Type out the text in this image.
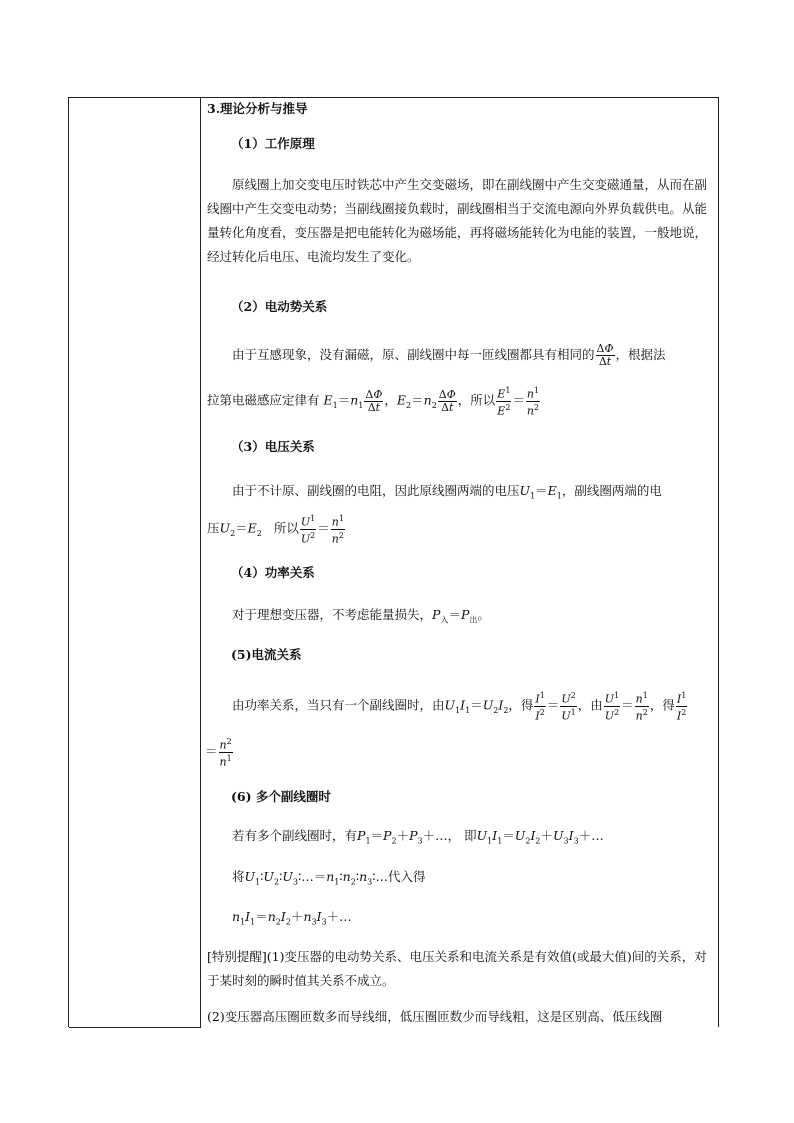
3.理论分析与推导
（1）工作原理
原线圈上加交变电压时铁芯中产生交变磁场，即在副线圈中产生交变磁通量，从而在副线圈中产生交变电动势；当副线圈接负载时，副线圈相当于交流电源向外界负载供电。从能量转化角度看，变压器是把电能转化为磁场能，再将磁场能转化为电能的装置，一般地说，经过转化后电压、电流均发生了变化。
（2）电动势关系
由于互感现象，没有漏磁，原、副线圈中每一匝线圈都具有相同的 $\frac{\Delta\Phi}{\Delta t}$ ，根据法
拉第电磁感应定律有 $E_1=n_1 \frac{\Delta\Phi}{\Delta t}$ ，$E_2=n_2 \frac{\Delta\Phi}{\Delta t}$ ，所以 $\frac{E^1}{E^2} = \frac{n^1}{n^2}$
（3）电压关系
由于不计原、副线圈的电阻，因此原线圈两端的电压$U_1=E_1$，副线圈两端的电
压$U_2=E_2$ 所以 $\frac{U^1}{U^2} = \frac{n^1}{n^2}$
（4）功率关系
对于理想变压器，不考虑能量损失，$P_入=P_出$。
(5)电流关系
由功率关系，当只有一个副线圈时，由$U_1I_1=U_2I_2$，得 $\frac{I^1}{I^2} = \frac{U^2}{U^1}$ ，由 $\frac{U^1}{U^2} = \frac{n^1}{n^2}$ ，得 $\frac{I^1}{I^2}$
＝ $\frac{n^2}{n^1}$
(6) 多个副线圈时
若有多个副线圈时，有$P_1=P_2+P_3+\dots$， 即$U_1I_1=U_2I_2+U_3I_3+\dots$
将$U_1∶U_2∶U_3∶\dots=n_1∶n_2∶n_3∶\dots$代入得
$n_1I_1=n_2I_2+n_3I_3+\dots$
[特别提醒](1)变压器的电动势关系、电压关系和电流关系是有效值(或最大值)间的关系，对于某时刻的瞬时值其关系不成立。
(2)变压器高压圈匝数多而导线细，低压圈匝数少而导线粗，这是区别高、低压线圈
